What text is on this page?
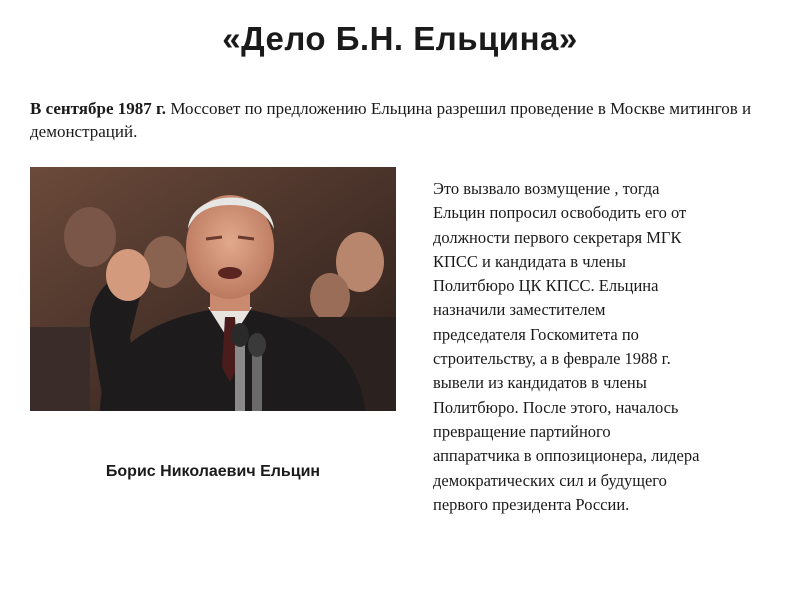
«Дело Б.Н. Ельцина»

В сентябре 1987 г. Моссовет по предложению Ельцина разрешил проведение в Москве митингов и демонстраций.

Борис Николаевич Ельцин

Это вызвало возмущение , тогда
Ельцин попросил освободить его от
должности первого секретаря МГК
КПСС и кандидата в члены
Политбюро ЦК КПСС. Ельцина
назначили заместителем
председателя Госкомитета по
строительству, а в феврале 1988 г.
вывели из кандидатов в члены
Политбюро. После этого, началось
превращение партийного
аппаратчика в оппозиционера, лидера
демократических сил и будущего
первого президента России.
